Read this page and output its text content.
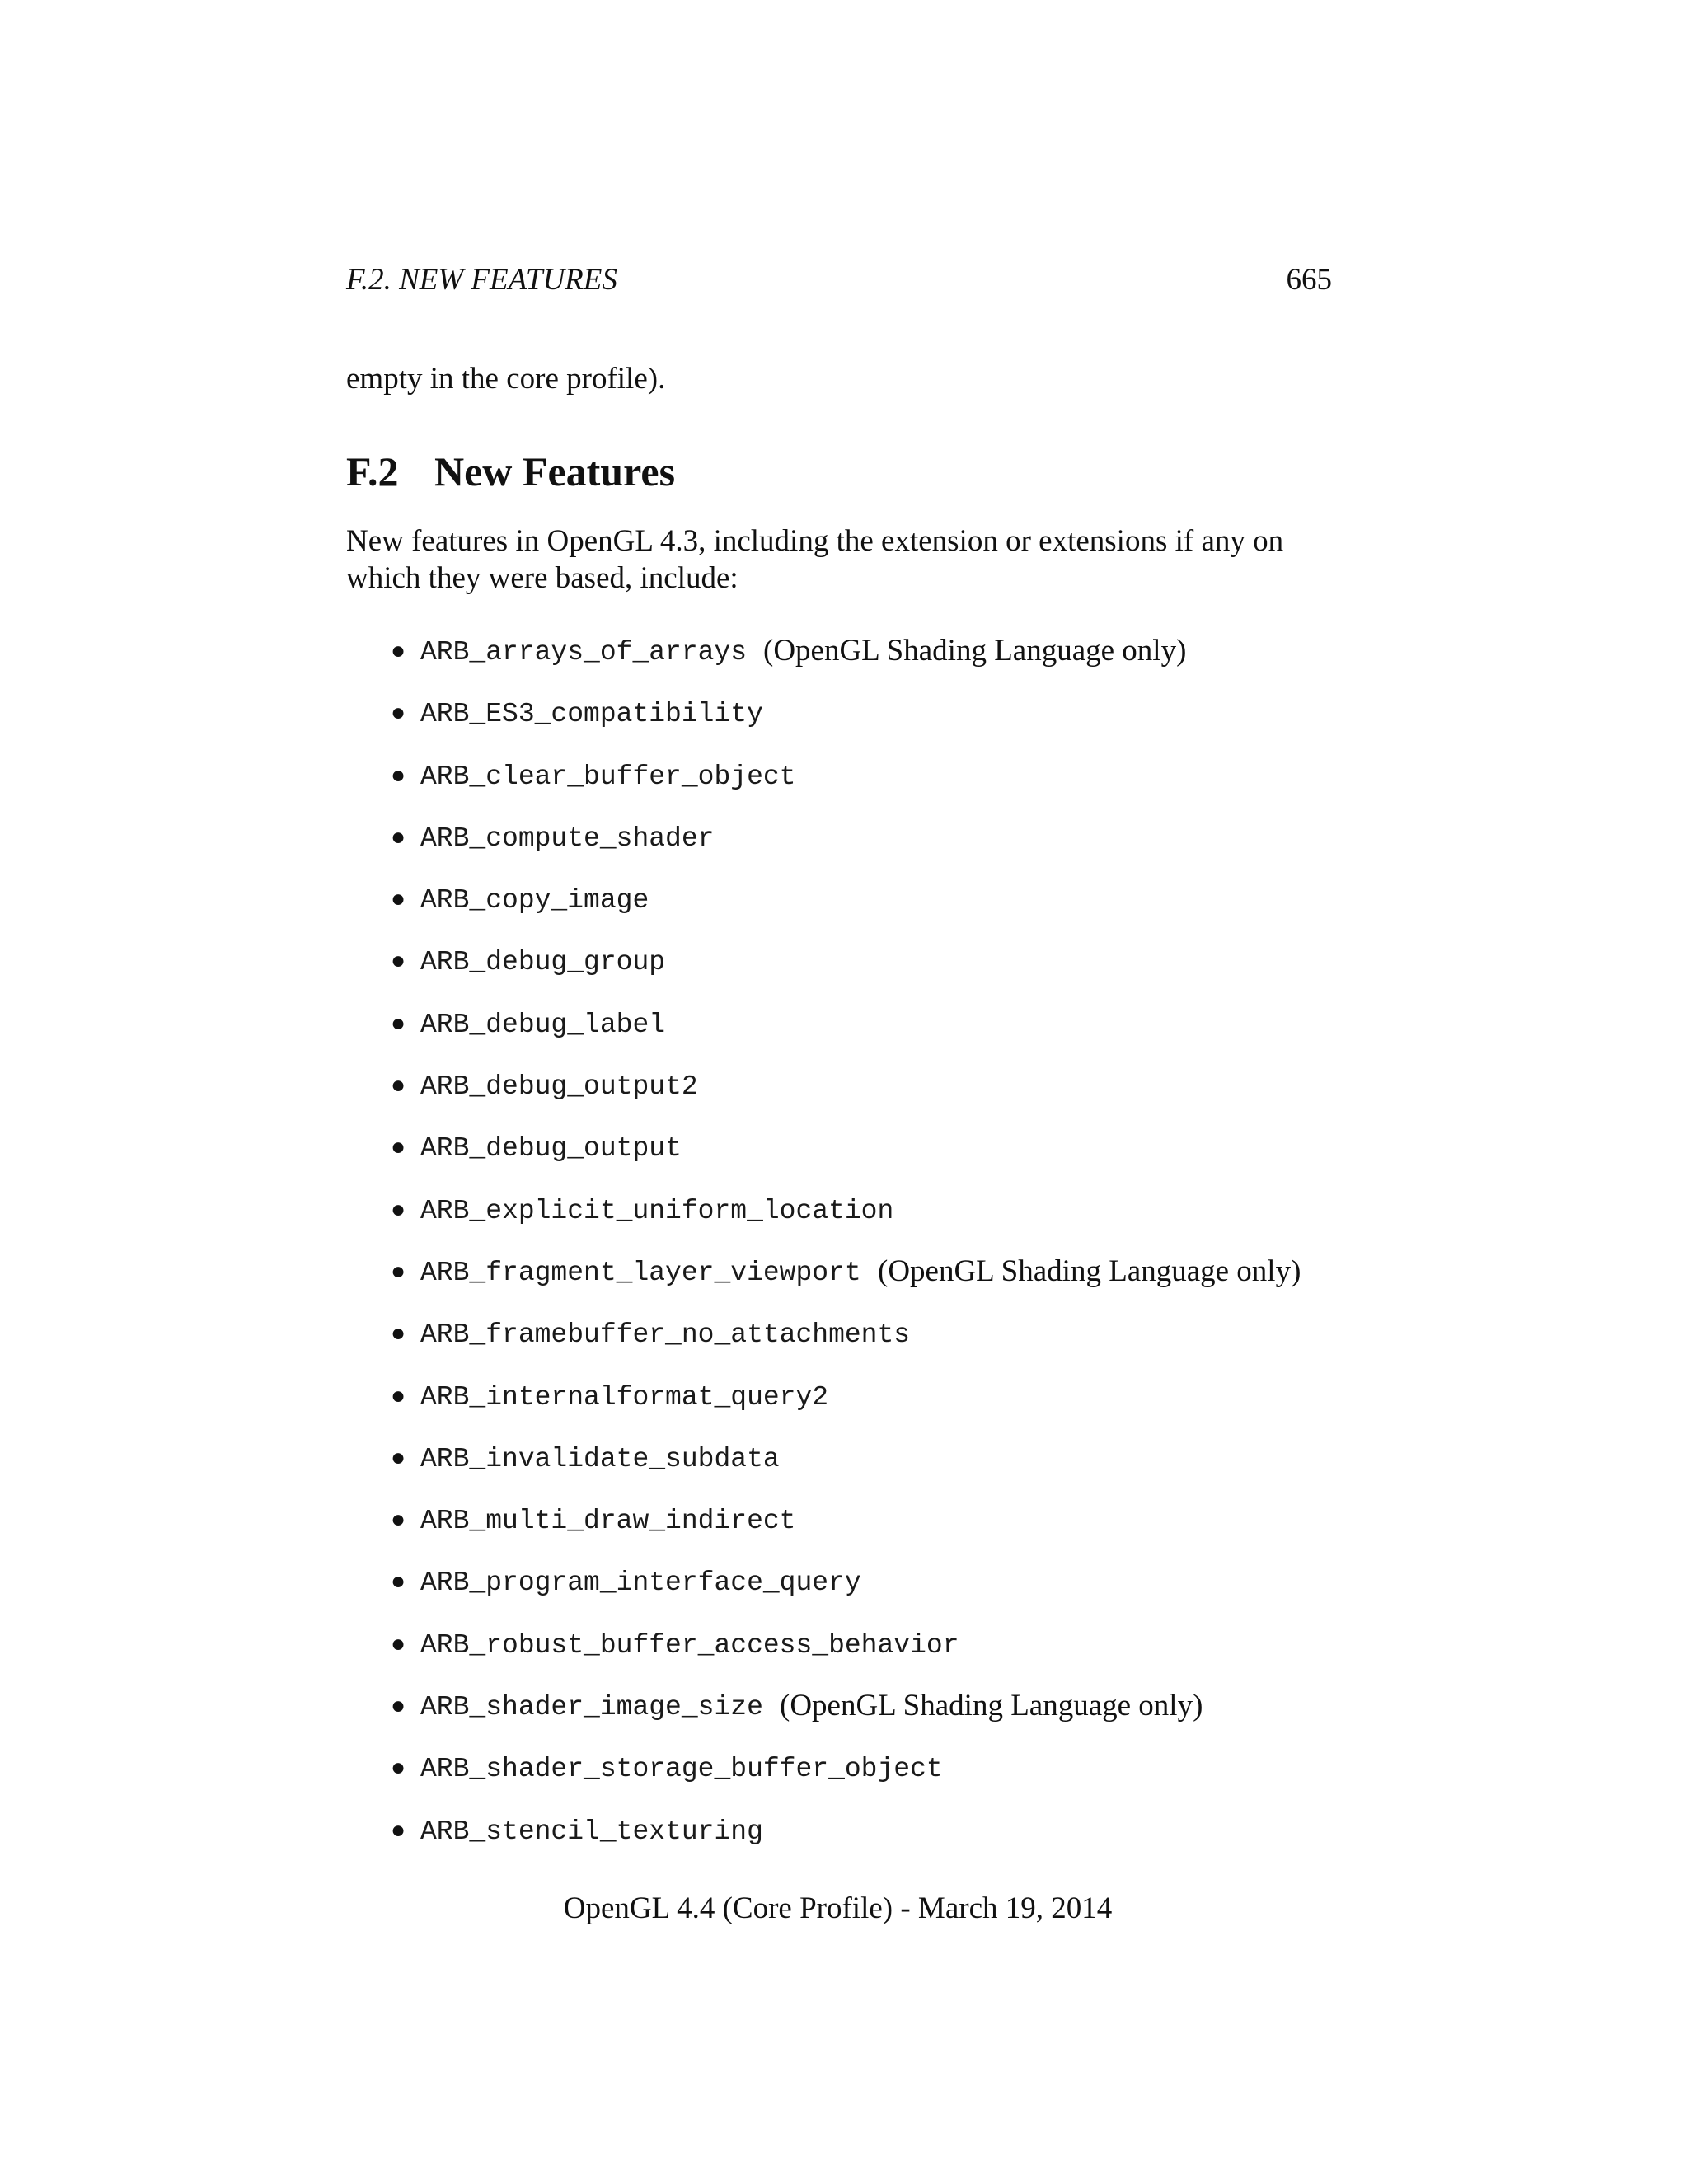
F.2. NEW FEATURES	665
empty in the core profile).
F.2 New Features
New features in OpenGL 4.3, including the extension or extensions if any on which they were based, include:
● ARB_arrays_of_arrays (OpenGL Shading Language only)
● ARB_ES3_compatibility
● ARB_clear_buffer_object
● ARB_compute_shader
● ARB_copy_image
● ARB_debug_group
● ARB_debug_label
● ARB_debug_output2
● ARB_debug_output
● ARB_explicit_uniform_location
● ARB_fragment_layer_viewport (OpenGL Shading Language only)
● ARB_framebuffer_no_attachments
● ARB_internalformat_query2
● ARB_invalidate_subdata
● ARB_multi_draw_indirect
● ARB_program_interface_query
● ARB_robust_buffer_access_behavior
● ARB_shader_image_size (OpenGL Shading Language only)
● ARB_shader_storage_buffer_object
● ARB_stencil_texturing
OpenGL 4.4 (Core Profile) - March 19, 2014
